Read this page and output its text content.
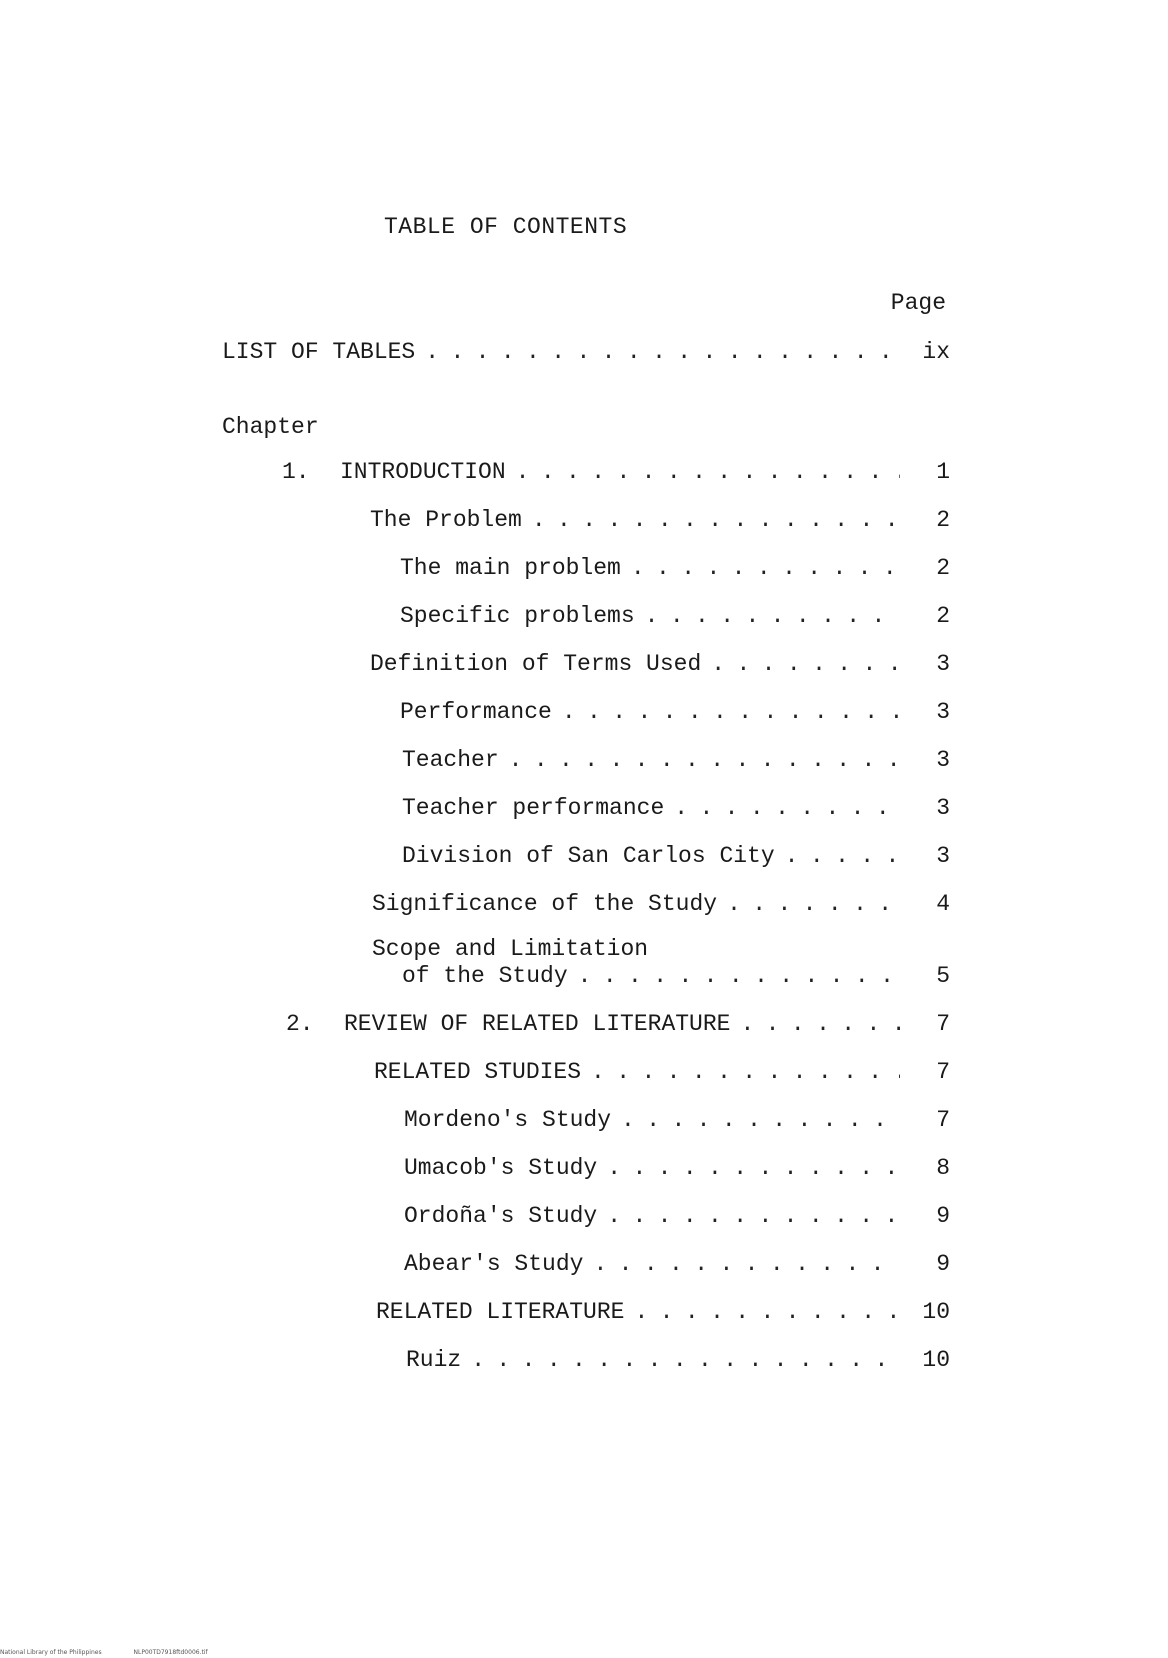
TABLE OF CONTENTS
Page
LIST OF TABLES . . .	ix
Chapter
1. INTRODUCTION . . .	1
The Problem . . .	2
The main problem . . .	2
Specific problems . . .	2
Definition of Terms Used . . .	3
Performance . . .	3
Teacher . . .	3
Teacher performance . . .	3
Division of San Carlos City . . .	3
Significance of the Study . . .	4
Scope and Limitation
of the Study . . .	5
2. REVIEW OF RELATED LITERATURE . . .	7
RELATED STUDIES . . .	7
Mordeno's Study . . .	7
Umacob's Study . . .	8
Ordoña's Study . . .	9
Abear's Study . . .	9
RELATED LITERATURE . . .	10
Ruiz . . .	10
National Library of the Philippines	NLP00TD7918ftd0006.tif
